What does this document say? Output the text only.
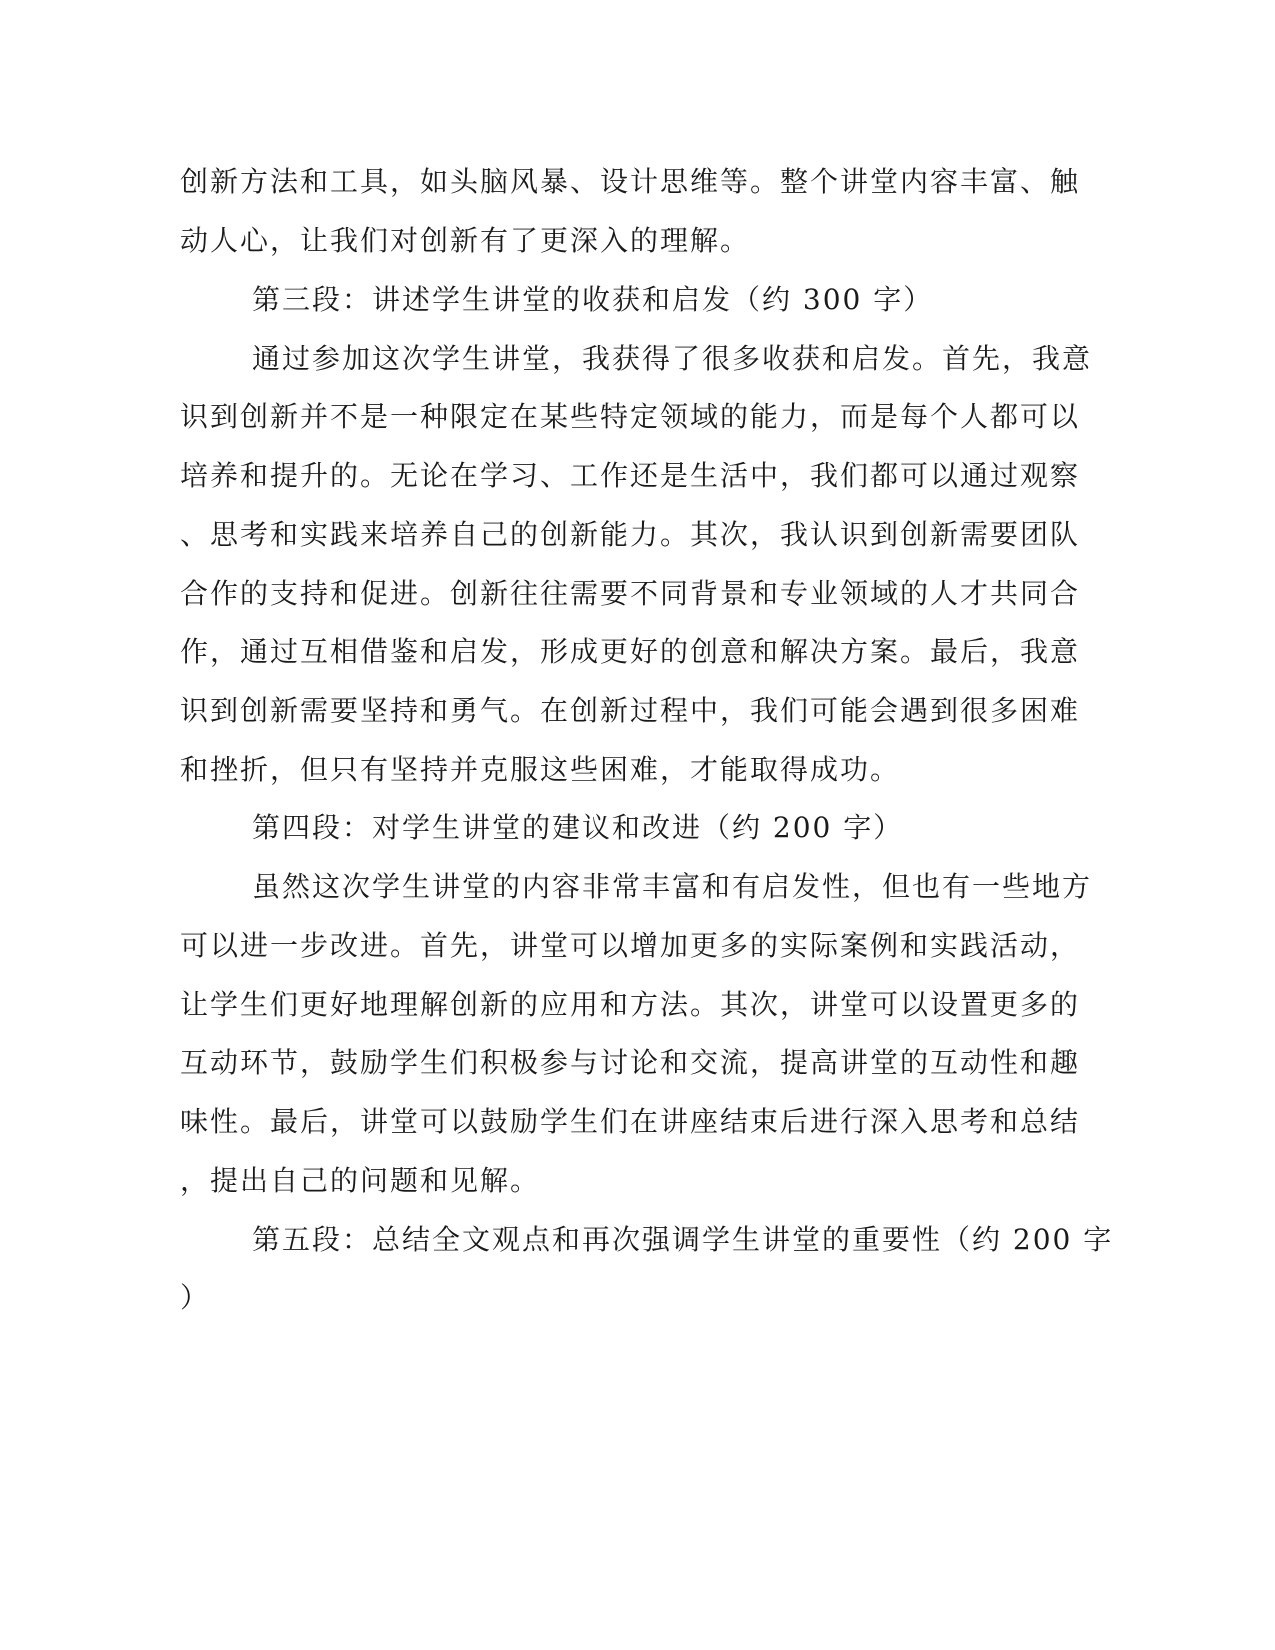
创新方法和工具，如头脑风暴、设计思维等。整个讲堂内容丰富、触
动人心，让我们对创新有了更深入的理解。
第三段：讲述学生讲堂的收获和启发（约 300 字）
通过参加这次学生讲堂，我获得了很多收获和启发。首先，我意
识到创新并不是一种限定在某些特定领域的能力，而是每个人都可以
培养和提升的。无论在学习、工作还是生活中，我们都可以通过观察
、思考和实践来培养自己的创新能力。其次，我认识到创新需要团队
合作的支持和促进。创新往往需要不同背景和专业领域的人才共同合
作，通过互相借鉴和启发，形成更好的创意和解决方案。最后，我意
识到创新需要坚持和勇气。在创新过程中，我们可能会遇到很多困难
和挫折，但只有坚持并克服这些困难，才能取得成功。
第四段：对学生讲堂的建议和改进（约 200 字）
虽然这次学生讲堂的内容非常丰富和有启发性，但也有一些地方
可以进一步改进。首先，讲堂可以增加更多的实际案例和实践活动，
让学生们更好地理解创新的应用和方法。其次，讲堂可以设置更多的
互动环节，鼓励学生们积极参与讨论和交流，提高讲堂的互动性和趣
味性。最后，讲堂可以鼓励学生们在讲座结束后进行深入思考和总结
，提出自己的问题和见解。
第五段：总结全文观点和再次强调学生讲堂的重要性（约 200 字
）
